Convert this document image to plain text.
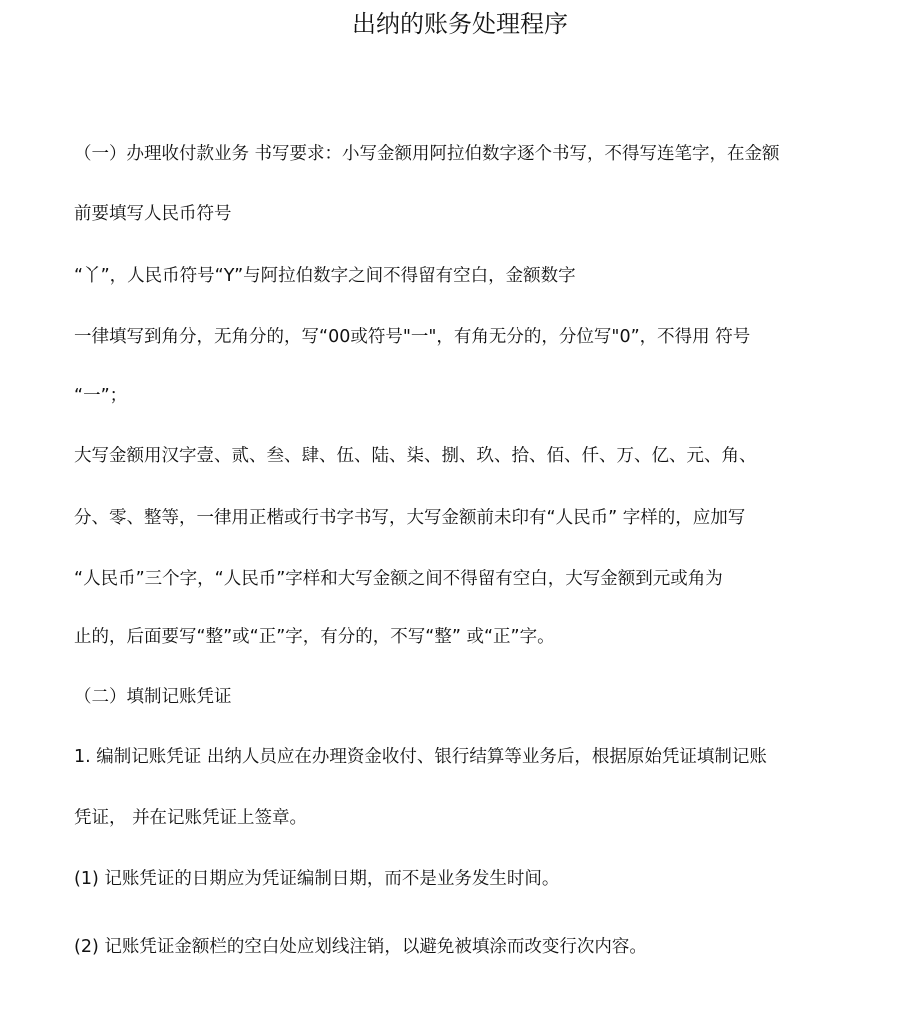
出纳的账务处理程序
（一）办理收付款业务 书写要求：小写金额用阿拉伯数字逐个书写，不得写连笔字，在金额
前要填写人民币符号
“丫”，人民币符号“Y”与阿拉伯数字之间不得留有空白，金额数字
一律填写到角分，无角分的，写“00或符号"一"，有角无分的，分位写"0”，不得用 符号
“一”；
大写金额用汉字壹、贰、叁、肆、伍、陆、柒、捌、玖、拾、佰、仟、万、亿、元、角、
分、零、整等，一律用正楷或行书字书写，大写金额前未印有“人民币” 字样的，应加写
“人民币”三个字，“人民币”字样和大写金额之间不得留有空白，大写金额到元或角为
止的，后面要写“整”或“正”字，有分的，不写“整” 或“正”字。
（二）填制记账凭证
1. 编制记账凭证 出纳人员应在办理资金收付、银行结算等业务后，根据原始凭证填制记账
凭证， 并在记账凭证上签章。
(1) 记账凭证的日期应为凭证编制日期，而不是业务发生时间。
(2) 记账凭证金额栏的空白处应划线注销，以避免被填涂而改变行次内容。
